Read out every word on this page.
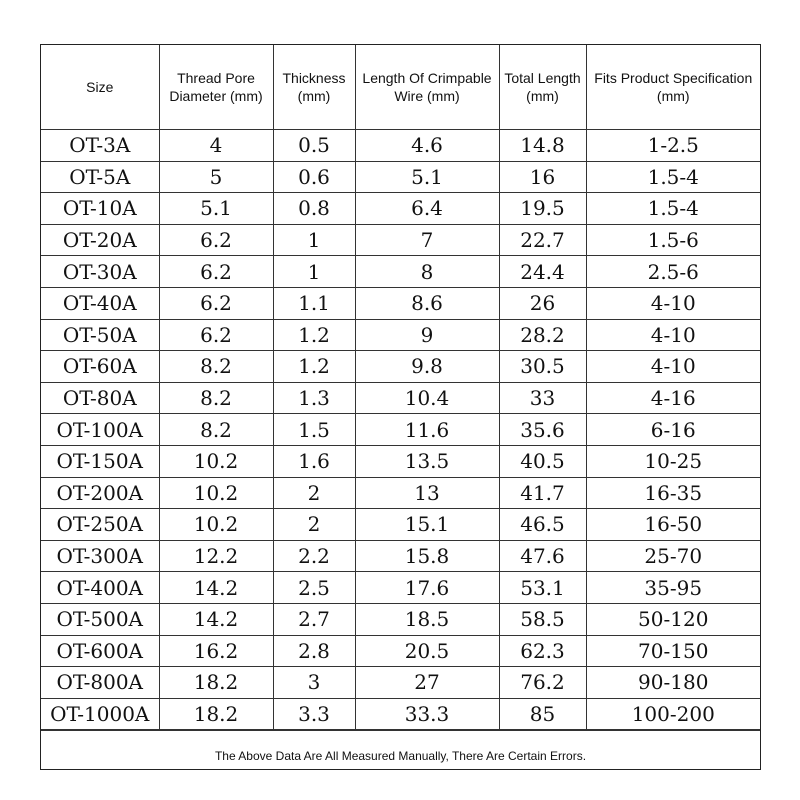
Size	Thread Pore Diameter (mm)	Thickness (mm)	Length Of Crimpable Wire (mm)	Total Length (mm)	Fits Product Specification (mm)
OT-3A	4	0.5	4.6	14.8	1-2.5
OT-5A	5	0.6	5.1	16	1.5-4
OT-10A	5.1	0.8	6.4	19.5	1.5-4
OT-20A	6.2	1	7	22.7	1.5-6
OT-30A	6.2	1	8	24.4	2.5-6
OT-40A	6.2	1.1	8.6	26	4-10
OT-50A	6.2	1.2	9	28.2	4-10
OT-60A	8.2	1.2	9.8	30.5	4-10
OT-80A	8.2	1.3	10.4	33	4-16
OT-100A	8.2	1.5	11.6	35.6	6-16
OT-150A	10.2	1.6	13.5	40.5	10-25
OT-200A	10.2	2	13	41.7	16-35
OT-250A	10.2	2	15.1	46.5	16-50
OT-300A	12.2	2.2	15.8	47.6	25-70
OT-400A	14.2	2.5	17.6	53.1	35-95
OT-500A	14.2	2.7	18.5	58.5	50-120
OT-600A	16.2	2.8	20.5	62.3	70-150
OT-800A	18.2	3	27	76.2	90-180
OT-1000A	18.2	3.3	33.3	85	100-200
The Above Data Are All Measured Manually, There Are Certain Errors.
